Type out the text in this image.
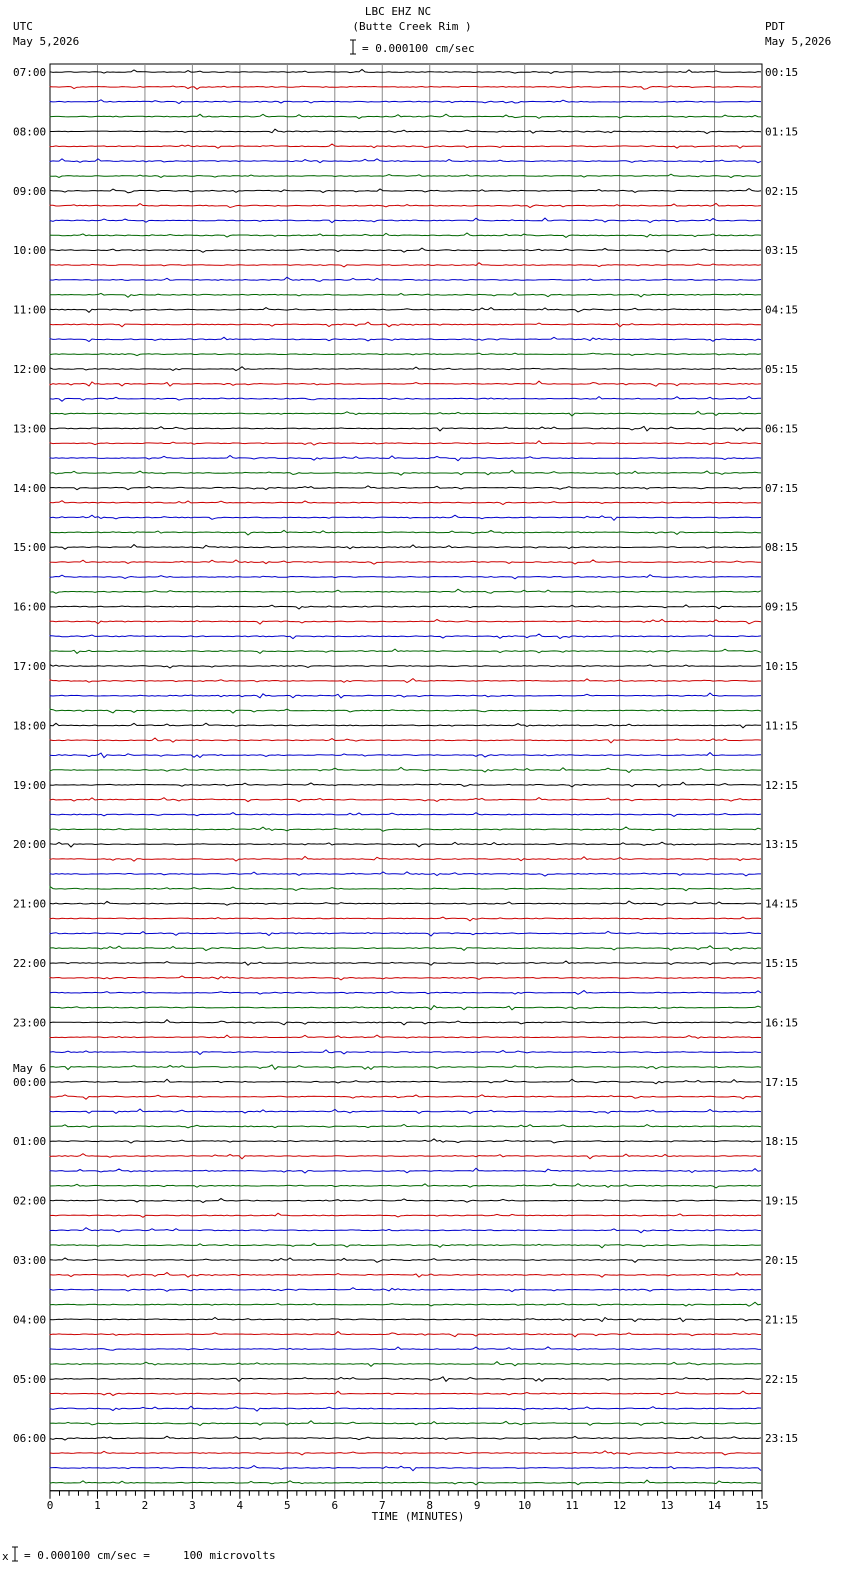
LBC EHZ NC
(Butte Creek Rim )
UTC
May 5,2026
PDT
May 5,2026
= 0.000100 cm/sec
07:00
08:00
09:00
10:00
11:00
12:00
13:00
14:00
15:00
16:00
17:00
18:00
19:00
20:00
21:00
22:00
23:00
00:00
01:00
02:00
03:00
04:00
05:00
06:00
May 6
00:15
01:15
02:15
03:15
04:15
05:15
06:15
07:15
08:15
09:15
10:15
11:15
12:15
13:15
14:15
15:15
16:15
17:15
18:15
19:15
20:15
21:15
22:15
23:15
0	1	2	3	4	5	6	7	8	9	10	11	12	13	14	15
TIME (MINUTES)
x = 0.000100 cm/sec =     100 microvolts
